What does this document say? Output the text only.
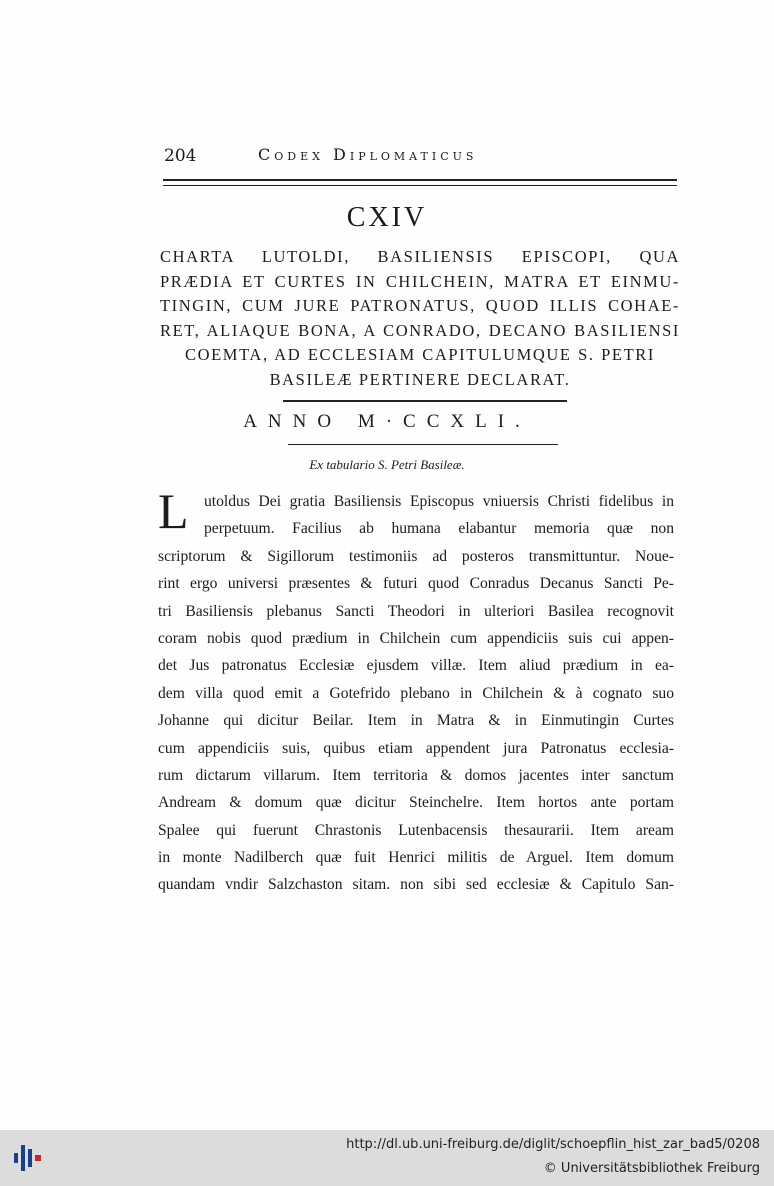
204	Codex Diplomaticus
CXIV
CHARTA LUTOLDI, BASILIENSIS EPISCOPI, QUA
PRÆDIA ET CURTES IN CHILCHEIN, MATRA ET EINMU-
TINGIN, CUM JURE PATRONATUS, QUOD ILLIS COHAE-
RET, ALIAQUE BONA, A CONRADO, DECANO BASILIENSI
COEMTA, AD ECCLESIAM CAPITULUMQUE S. PETRI
BASILEÆ PERTINERE DECLARAT.
ANNO M·CCXLI.
Ex tabulario S. Petri Basileæ.
L utoldus Dei gratia Basiliensis Episcopus vniuersis Christi fidelibus in
perpetuum. Facilius ab humana elabantur memoria quæ non
scriptorum & Sigillorum testimoniis ad posteros transmittuntur. Noue-
rint ergo universi præsentes & futuri quod Conradus Decanus Sancti Pe-
tri Basiliensis plebanus Sancti Theodori in ulteriori Basilea recognovit
coram nobis quod prædium in Chilchein cum appendiciis suis cui appen-
det Jus patronatus Ecclesiæ ejusdem villæ. Item aliud prædium in ea-
dem villa quod emit a Gotefrido plebano in Chilchein & à cognato suo
Johanne qui dicitur Beilar. Item in Matra & in Einmutingin Curtes
cum appendiciis suis, quibus etiam appendent jura Patronatus ecclesia-
rum dictarum villarum. Item territoria & domos jacentes inter sanctum
Andream & domum quæ dicitur Steinchelre. Item hortos ante portam
Spalee qui fuerunt Chrastonis Lutenbacensis thesaurarii. Item aream
in monte Nadilberch quæ fuit Henrici militis de Arguel. Item domum
quandam vndir Salzchaston sitam. non sibi sed ecclesiæ & Capitulo San-
http://dl.ub.uni-freiburg.de/diglit/schoepflin_hist_zar_bad5/0208
© Universitätsbibliothek Freiburg
